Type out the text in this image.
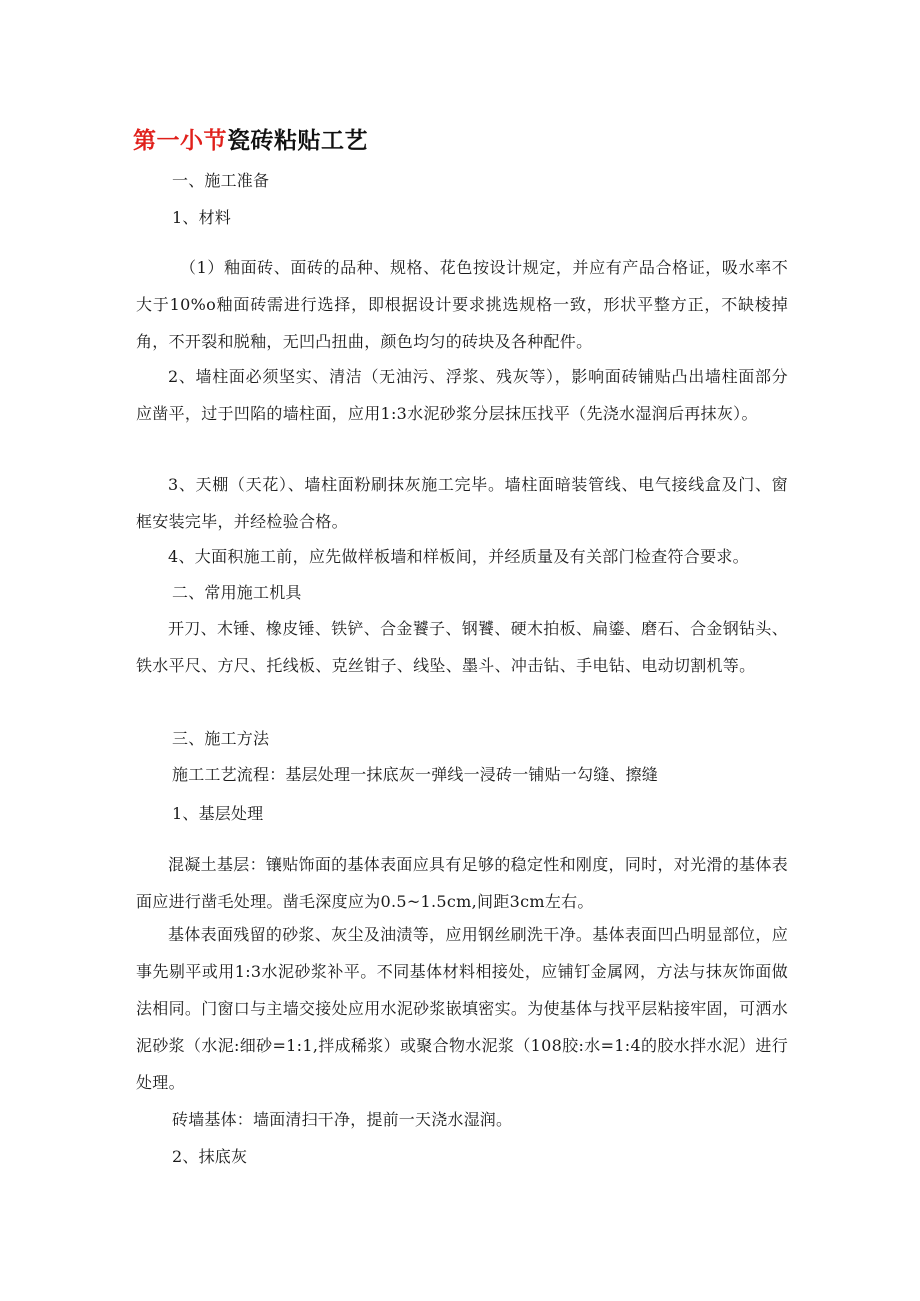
第一小节瓷砖粘贴工艺
一、施工准备
1、材料
（1）釉面砖、面砖的品种、规格、花色按设计规定，并应有产品合格证，吸水率不大于10%o釉面砖需进行选择，即根据设计要求挑选规格一致，形状平整方正，不缺棱掉角，不开裂和脱釉，无凹凸扭曲，颜色均匀的砖块及各种配件。
2、墙柱面必须坚实、清洁（无油污、浮浆、残灰等），影响面砖铺贴凸出墙柱面部分应凿平，过于凹陷的墙柱面，应用1:3水泥砂浆分层抹压找平（先浇水湿润后再抹灰）。
3、天棚（天花）、墙柱面粉刷抹灰施工完毕。墙柱面暗装管线、电气接线盒及门、窗框安装完毕，并经检验合格。
4、大面积施工前，应先做样板墙和样板间，并经质量及有关部门检查符合要求。
二、常用施工机具
开刀、木锤、橡皮锤、铁铲、合金饕子、钢饕、硬木拍板、扁鎏、磨石、合金钢钻头、铁水平尺、方尺、托线板、克丝钳子、线坠、墨斗、冲击钻、手电钻、电动切割机等。
三、施工方法
施工工艺流程：基层处理一抹底灰一弹线一浸砖一铺贴一勾缝、擦缝
1、基层处理
混凝土基层：镶贴饰面的基体表面应具有足够的稳定性和刚度，同时，对光滑的基体表面应进行凿毛处理。凿毛深度应为0.5~1.5cm,间距3cm左右。
基体表面残留的砂浆、灰尘及油渍等，应用钢丝刷洗干净。基体表面凹凸明显部位，应事先剔平或用1:3水泥砂浆补平。不同基体材料相接处，应铺钉金属网，方法与抹灰饰面做法相同。门窗口与主墙交接处应用水泥砂浆嵌填密实。为使基体与找平层粘接牢固，可洒水泥砂浆（水泥:细砂=1:1,拌成稀浆）或聚合物水泥浆（108胶:水=1:4的胶水拌水泥）进行处理。
砖墙基体：墙面清扫干净，提前一天浇水湿润。
2、抹底灰
